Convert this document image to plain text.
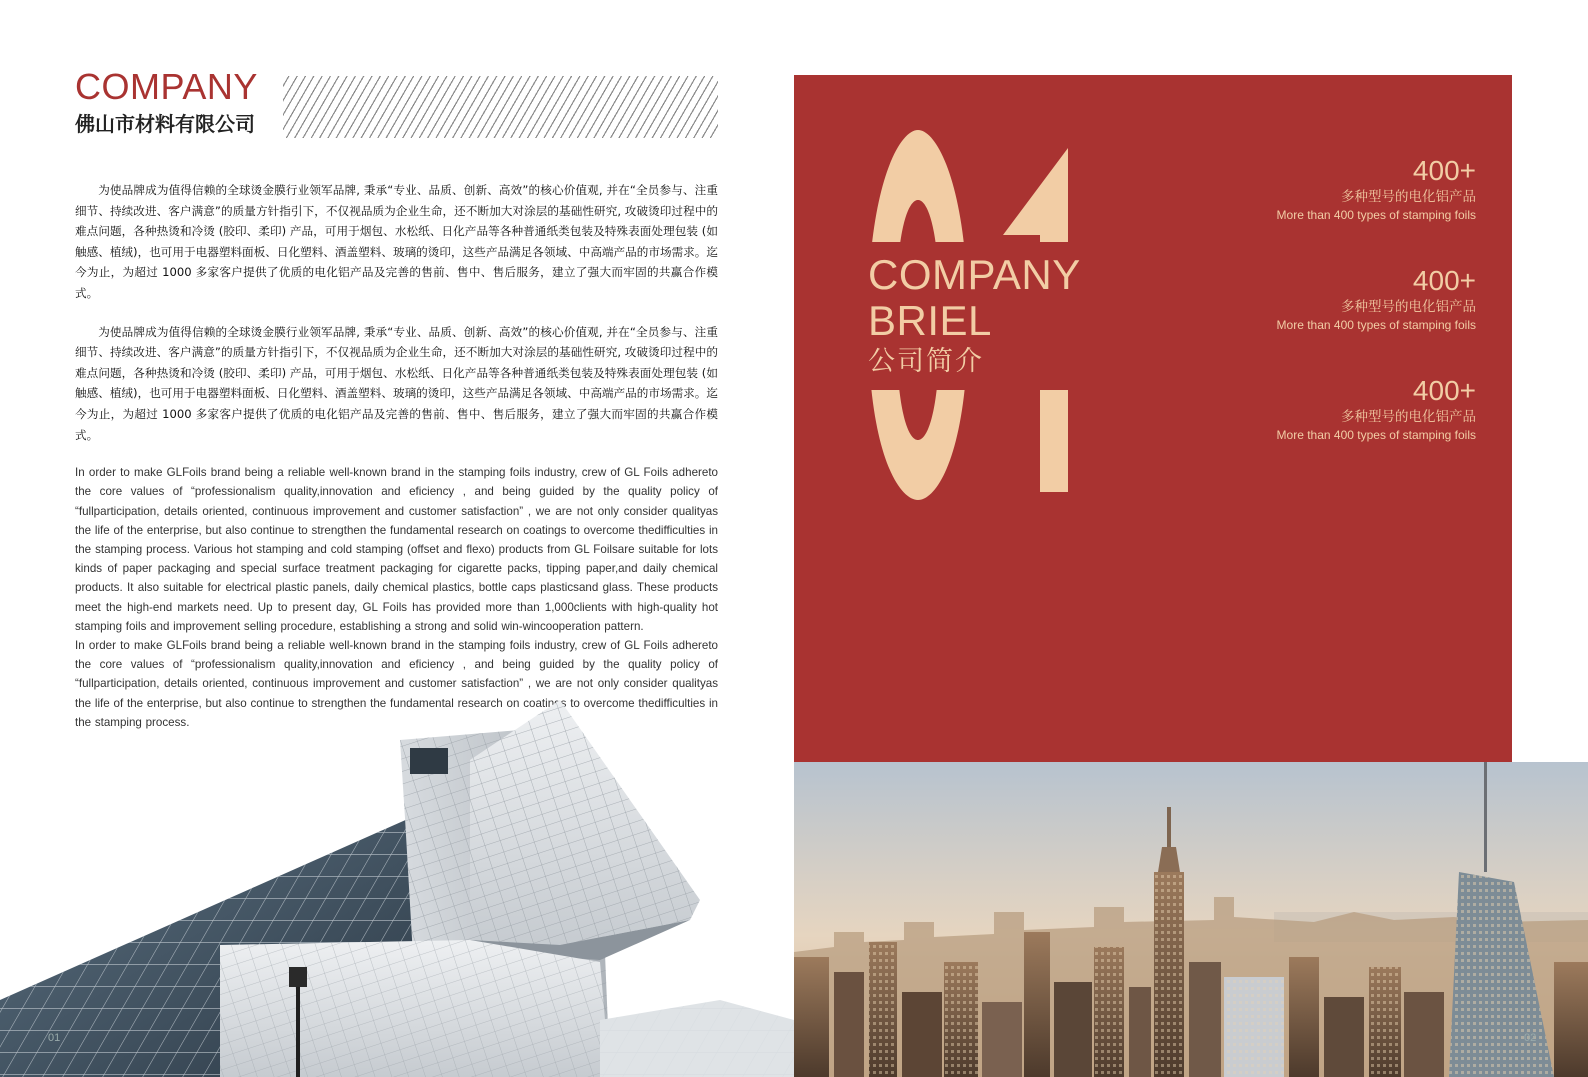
COMPANY
佛山市材料有限公司

为使品牌成为值得信赖的全球烫金膜行业领军品牌, 秉承“专业、品质、创新、高效”的核心价值观, 并在“全员参与、注重细节、持续改进、客户满意”的质量方针指引下，不仅视品质为企业生命，还不断加大对涂层的基础性研究, 攻破烫印过程中的难点问题，各种热烫和冷烫 (胶印、柔印) 产品，可用于烟包、水松纸、日化产品等各种普通纸类包装及特殊表面处理包装 (如触感、植绒)，也可用于电器塑料面板、日化塑料、酒盖塑料、玻璃的烫印，这些产品满足各领域、中高端产品的市场需求。迄今为止，为超过 1000 多家客户提供了优质的电化铝产品及完善的售前、售中、售后服务，建立了强大而牢固的共赢合作模式。

为使品牌成为值得信赖的全球烫金膜行业领军品牌, 秉承“专业、品质、创新、高效”的核心价值观, 并在“全员参与、注重细节、持续改进、客户满意”的质量方针指引下，不仅视品质为企业生命，还不断加大对涂层的基础性研究, 攻破烫印过程中的难点问题，各种热烫和冷烫 (胶印、柔印) 产品，可用于烟包、水松纸、日化产品等各种普通纸类包装及特殊表面处理包装 (如触感、植绒)，也可用于电器塑料面板、日化塑料、酒盖塑料、玻璃的烫印，这些产品满足各领域、中高端产品的市场需求。迄今为止，为超过 1000 多家客户提供了优质的电化铝产品及完善的售前、售中、售后服务，建立了强大而牢固的共赢合作模式。

In order to make GLFoils brand being a reliable well-known brand in the stamping foils industry, crew of GL Foils adhereto the core values of “professionalism quality,innovation and eficiency , and being guided by the quality policy of “fullparticipation, details oriented, continuous improvement and customer satisfaction” , we are not only consider qualityas the life of the enterprise, but also continue to strengthen the fundamental research on coatings to overcome thedifficulties in the stamping process. Various hot stamping and cold stamping (offset and flexo) products from GL Foilsare suitable for lots kinds of paper packaging and special surface treatment packaging for cigarette packs, tipping paper,and daily chemical products. It also suitable for electrical plastic panels, daily chemical plastics, bottle caps plasticsand glass. These products meet the high-end markets need. Up to present day, GL Foils has provided more than 1,000clients with high-quality hot stamping foils and improvement selling procedure, establishing a strong and solid win-wincooperation pattern.

In order to make GLFoils brand being a reliable well-known brand in the stamping foils industry, crew of GL Foils adhereto the core values of “professionalism quality,innovation and eficiency , and being guided by the quality policy of “fullparticipation, details oriented, continuous improvement and customer satisfaction” , we are not only consider qualityas the life of the enterprise, but also continue to strengthen the fundamental research on coatings to overcome thedifficulties in the stamping process.

01
COMPANY
BRIEL
公司简介
400+
多种型号的电化铝产品
More than 400 types of stamping foils
400+
多种型号的电化铝产品
More than 400 types of stamping foils
400+
多种型号的电化铝产品
More than 400 types of stamping foils
02
